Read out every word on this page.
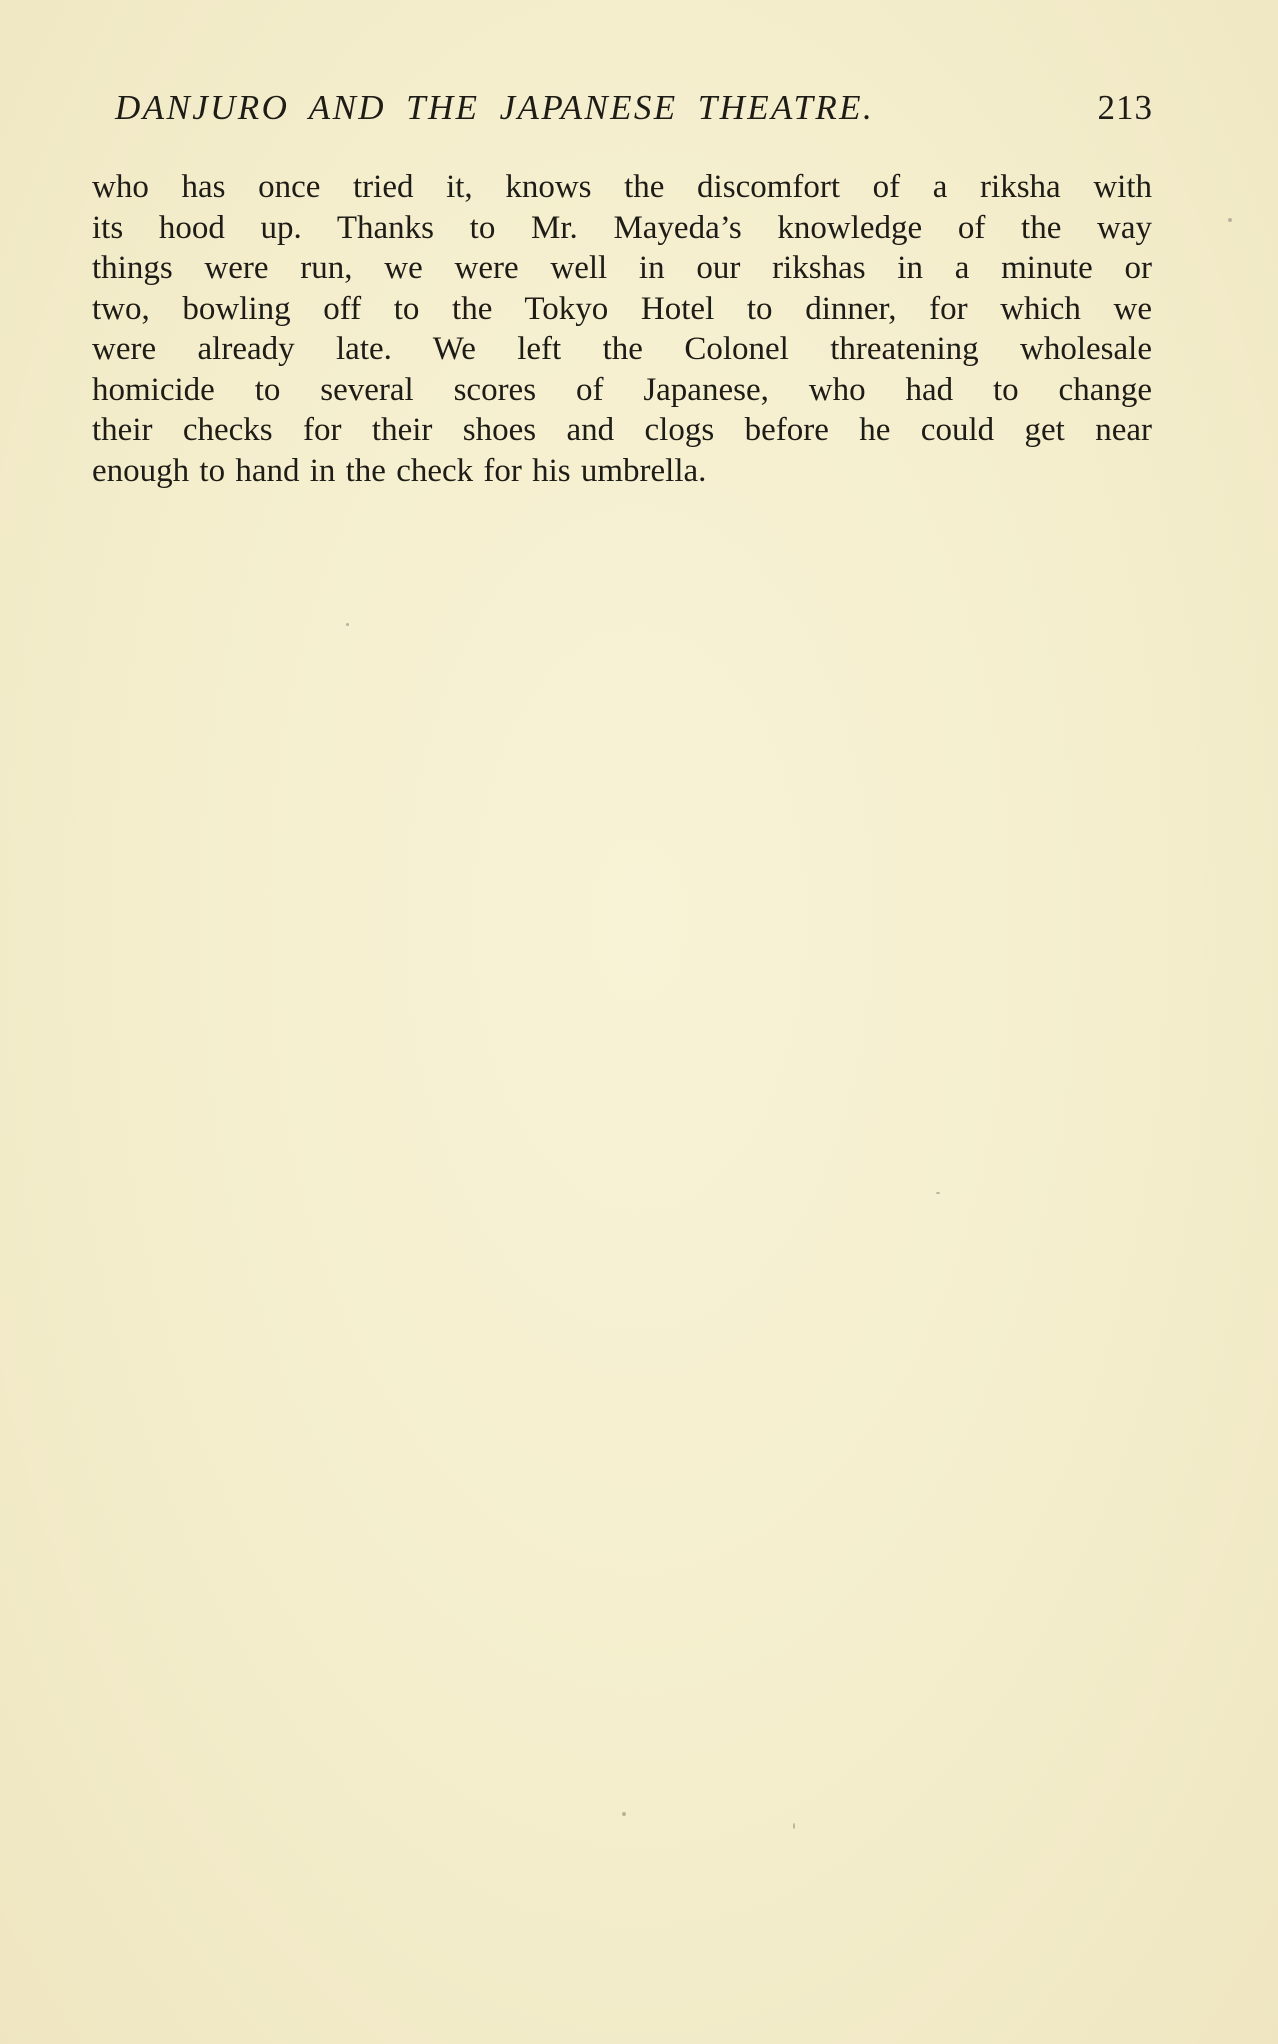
DANJURO AND THE JAPANESE THEATRE.	213
who has once tried it, knows the discomfort of a riksha with
its hood up. Thanks to Mr. Mayeda’s knowledge of the way
things were run, we were well in our rikshas in a minute or
two, bowling off to the Tokyo Hotel to dinner, for which we
were already late. We left the Colonel threatening wholesale
homicide to several scores of Japanese, who had to change
their checks for their shoes and clogs before he could get near
enough to hand in the check for his umbrella.
